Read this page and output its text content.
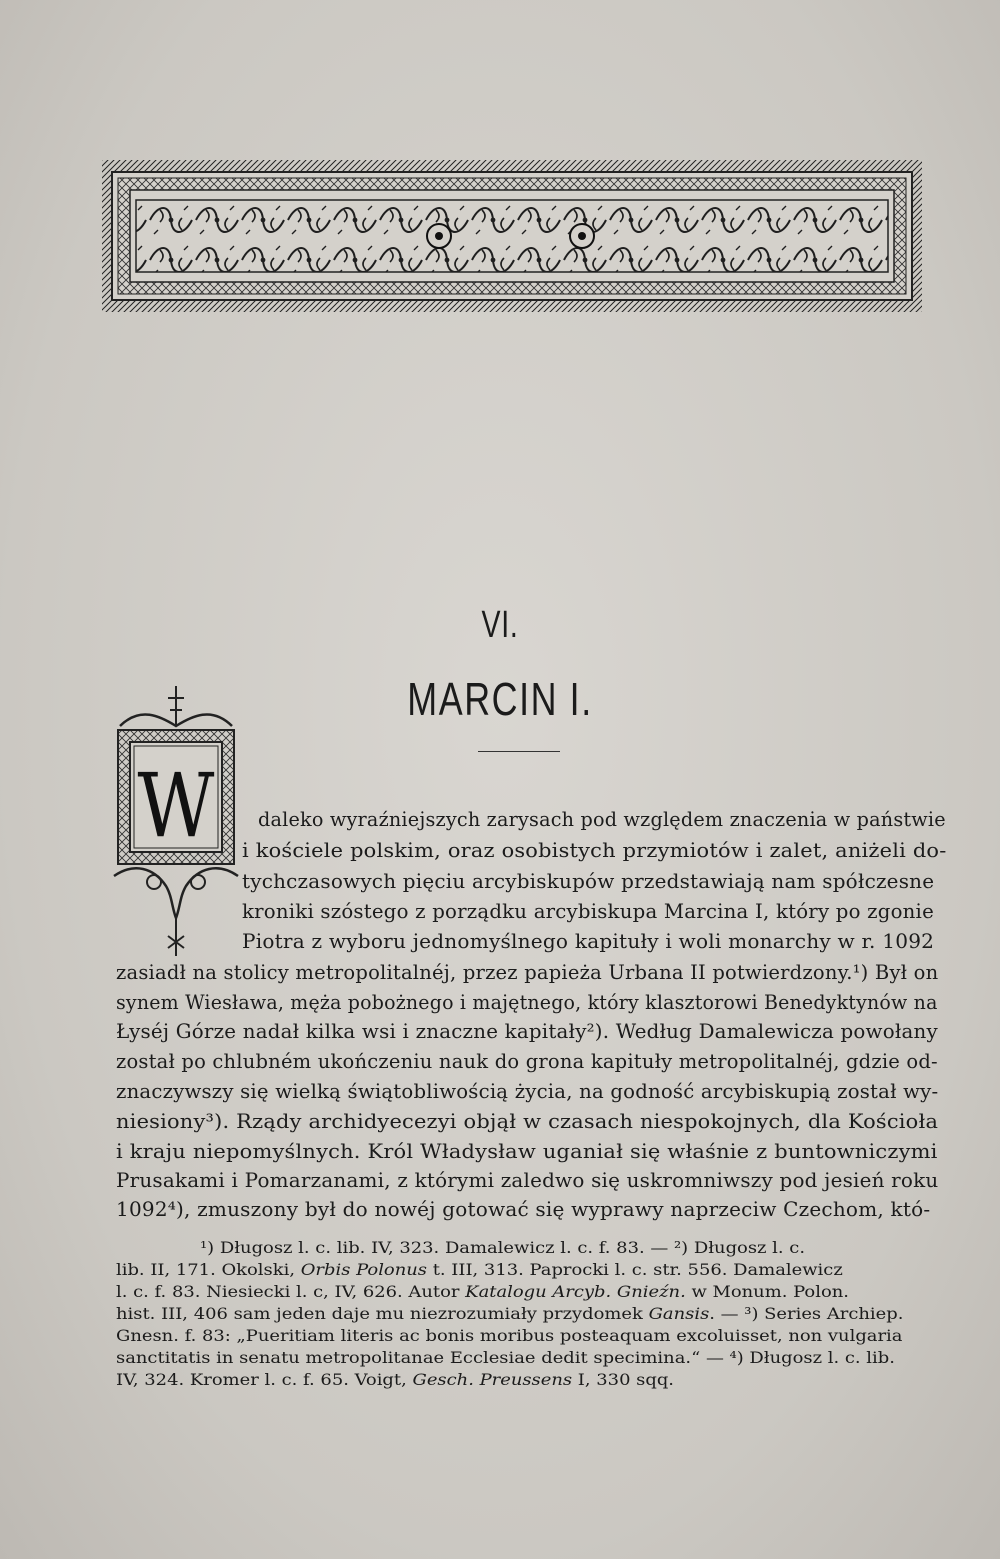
VI.
MARCIN I.
W daleko wyraźniejszych zarysach pod względem znaczenia w państwie
i kościele polskim, oraz osobistych przymiotów i zalet, aniżeli do-
tychczasowych pięciu arcybiskupów przedstawiają nam spółczesne
kroniki szóstego z porządku arcybiskupa Marcina I, który po zgonie
Piotra z wyboru jednomyślnego kapituły i woli monarchy w r. 1092
zasiadł na stolicy metropolitalnéj, przez papieża Urbana II potwierdzony.¹) Był on
synem Wiesława, męża pobożnego i majętnego, który klasztorowi Benedyktynów na
Łyséj Górze nadał kilka wsi i znaczne kapitały²). Według Damalewicza powołany
został po chlubném ukończeniu nauk do grona kapituły metropolitalnéj, gdzie od-
znaczywszy się wielką świątobliwością życia, na godność arcybiskupią został wy-
niesiony³). Rządy archidyecezyi objął w czasach niespokojnych, dla Kościoła
i kraju niepomyślnych. Król Władysław uganiał się właśnie z buntowniczymi
Prusakami i Pomarzanami, z którymi zaledwo się uskromniwszy pod jesień roku
1092⁴), zmuszony był do nowéj gotować się wyprawy naprzeciw Czechom, któ-
¹) Długosz l. c. lib. IV, 323. Damalewicz l. c. f. 83. — ²) Długosz l. c.
lib. II, 171. Okolski, Orbis Polonus t. III, 313. Paprocki l. c. str. 556. Damalewicz
l. c. f. 83. Niesiecki l. c, IV, 626. Autor Katalogu Arcyb. Gnieźn. w Monum. Polon.
hist. III, 406 sam jeden daje mu niezrozumiały przydomek Gansis. — ³) Series Archiep.
Gnesn. f. 83: „Pueritiam literis ac bonis moribus posteaquam excoluisset, non vulgaria
sanctitatis in senatu metropolitanae Ecclesiae dedit specimina.“ — ⁴) Długosz l. c. lib.
IV, 324. Kromer l. c. f. 65. Voigt, Gesch. Preussens I, 330 sqq.
